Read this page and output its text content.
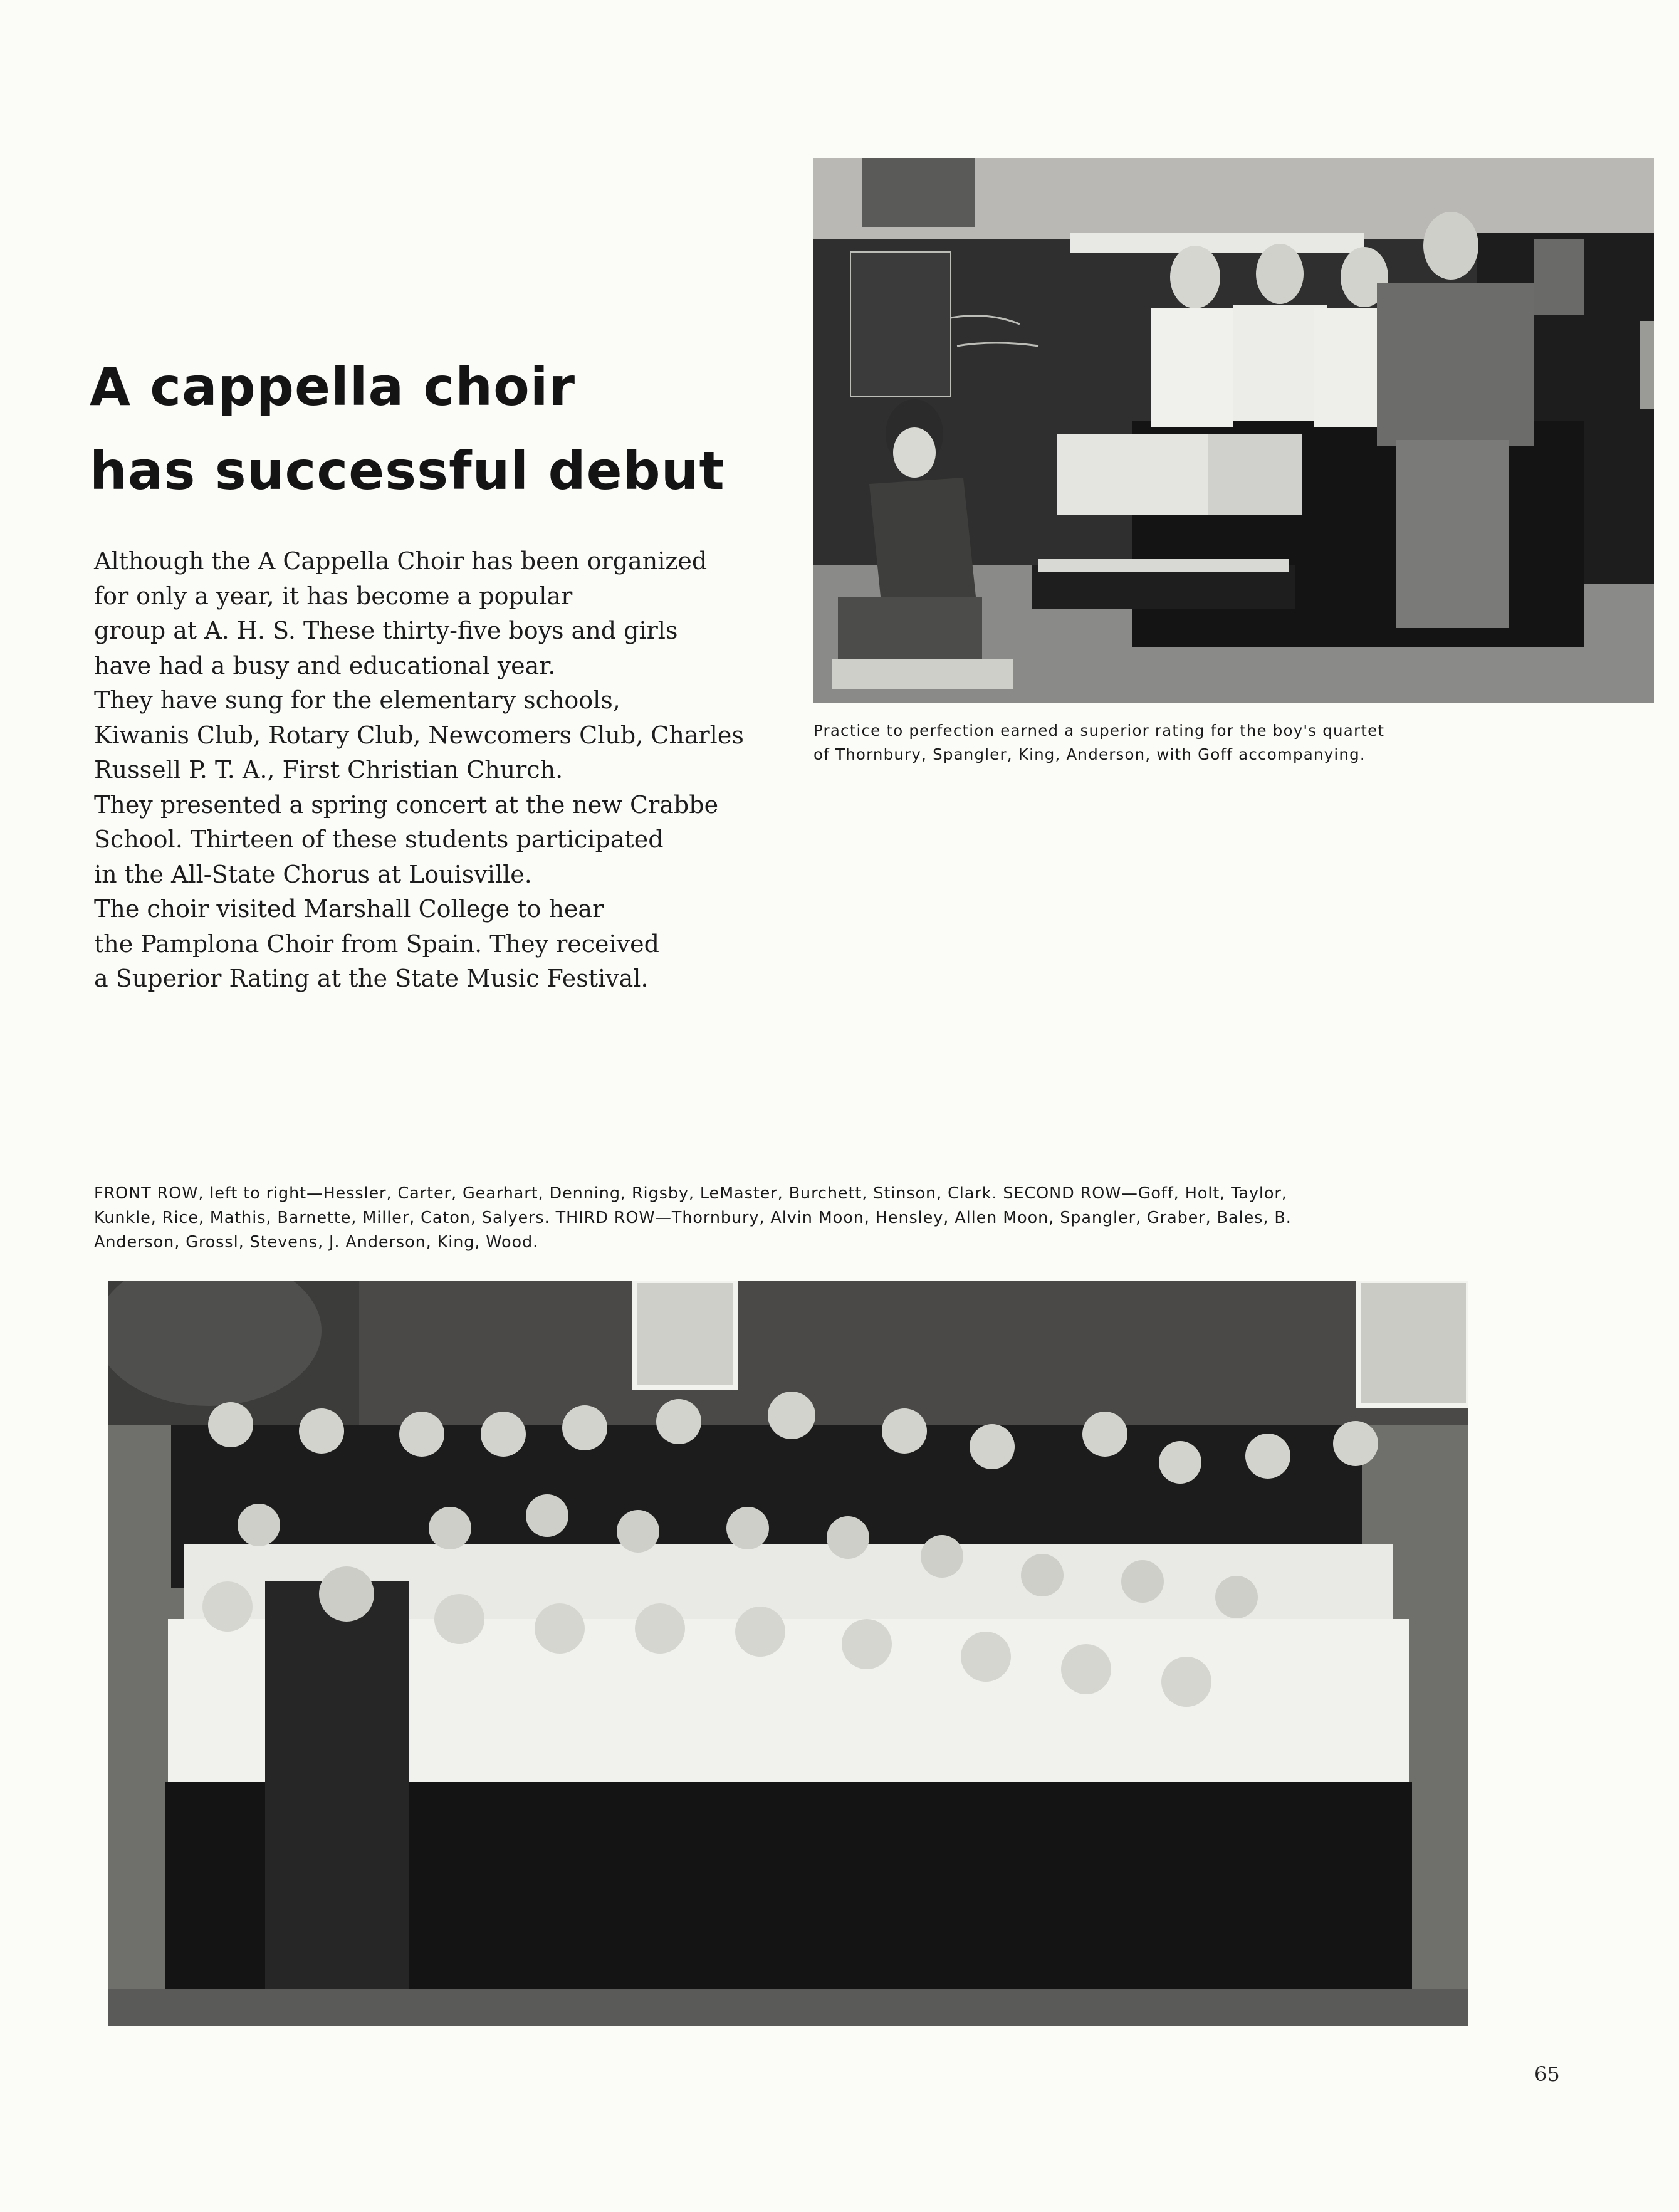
A cappella choir
has successful debut
Although the A Cappella Choir has been organized
for only a year, it has become a popular
group at A. H. S. These thirty-five boys and girls
have had a busy and educational year.
They have sung for the elementary schools,
Kiwanis Club, Rotary Club, Newcomers Club, Charles
Russell P. T. A., First Christian Church.
They presented a spring concert at the new Crabbe
School. Thirteen of these students participated
in the All-State Chorus at Louisville.
The choir visited Marshall College to hear
the Pamplona Choir from Spain. They received
a Superior Rating at the State Music Festival.
Practice to perfection earned a superior rating for the boy's quartet
of Thornbury, Spangler, King, Anderson, with Goff accompanying.
FRONT ROW, left to right—Hessler, Carter, Gearhart, Denning, Rigsby, LeMaster, Burchett, Stinson, Clark. SECOND ROW—Goff, Holt, Taylor,
Kunkle, Rice, Mathis, Barnette, Miller, Caton, Salyers. THIRD ROW—Thornbury, Alvin Moon, Hensley, Allen Moon, Spangler, Graber, Bales, B.
Anderson, Grossl, Stevens, J. Anderson, King, Wood.
65
